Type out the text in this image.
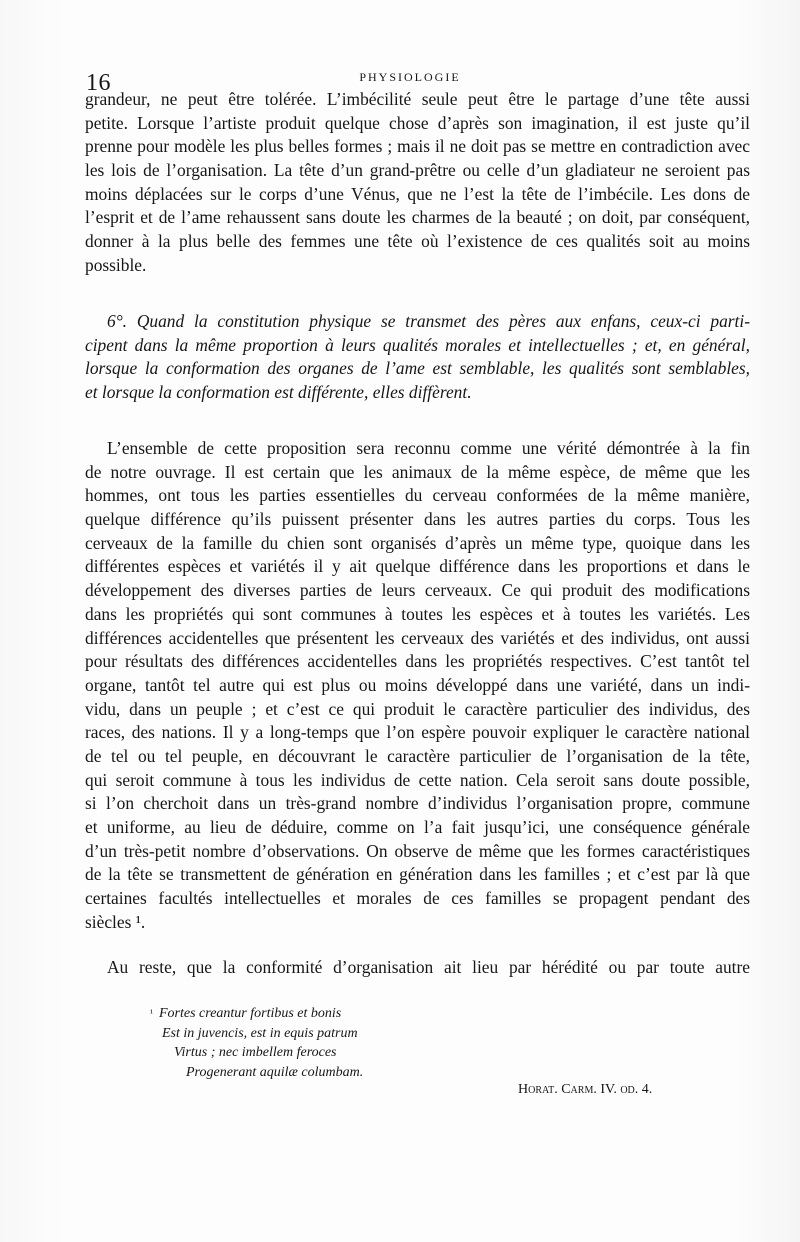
16	PHYSIOLOGIE
grandeur, ne peut être tolérée. L’imbécilité seule peut être le partage d’une tête aussi
petite. Lorsque l’artiste produit quelque chose d’après son imagination, il est juste qu’il
prenne pour modèle les plus belles formes ; mais il ne doit pas se mettre en contradiction avec
les lois de l’organisation. La tête d’un grand-prêtre ou celle d’un gladiateur ne seroient pas
moins déplacées sur le corps d’une Vénus, que ne l’est la tête de l’imbécile. Les dons de
l’esprit et de l’ame rehaussent sans doute les charmes de la beauté ; on doit, par conséquent,
donner à la plus belle des femmes une tête où l’existence de ces qualités soit au moins
possible.
6°. Quand la constitution physique se transmet des pères aux enfans, ceux-ci parti-
cipent dans la même proportion à leurs qualités morales et intellectuelles ; et, en général,
lorsque la conformation des organes de l’ame est semblable, les qualités sont semblables,
et lorsque la conformation est différente, elles diffèrent.
L’ensemble de cette proposition sera reconnu comme une vérité démontrée à la fin
de notre ouvrage. Il est certain que les animaux de la même espèce, de même que les
hommes, ont tous les parties essentielles du cerveau conformées de la même manière,
quelque différence qu’ils puissent présenter dans les autres parties du corps. Tous les
cerveaux de la famille du chien sont organisés d’après un même type, quoique dans les
différentes espèces et variétés il y ait quelque différence dans les proportions et dans le
développement des diverses parties de leurs cerveaux. Ce qui produit des modifications
dans les propriétés qui sont communes à toutes les espèces et à toutes les variétés. Les
différences accidentelles que présentent les cerveaux des variétés et des individus, ont aussi
pour résultats des différences accidentelles dans les propriétés respectives. C’est tantôt tel
organe, tantôt tel autre qui est plus ou moins développé dans une variété, dans un indi-
vidu, dans un peuple ; et c’est ce qui produit le caractère particulier des individus, des
races, des nations. Il y a long-temps que l’on espère pouvoir expliquer le caractère national
de tel ou tel peuple, en découvrant le caractère particulier de l’organisation de la tête,
qui seroit commune à tous les individus de cette nation. Cela seroit sans doute possible,
si l’on cherchoit dans un très-grand nombre d’individus l’organisation propre, commune
et uniforme, au lieu de déduire, comme on l’a fait jusqu’ici, une conséquence générale
d’un très-petit nombre d’observations. On observe de même que les formes caractéristiques
de la tête se transmettent de génération en génération dans les familles ; et c’est par là que
certaines facultés intellectuelles et morales de ces familles se propagent pendant des
siècles ¹.
Au reste, que la conformité d’organisation ait lieu par hérédité ou par toute autre
$^{^1}$ Fortes creantur fortibus et bonis
Est in juvencis, est in equis patrum
Virtus ; nec imbellem feroces
Progenerant aquilæ columbam.
Horat. Carm. IV. od. 4.
